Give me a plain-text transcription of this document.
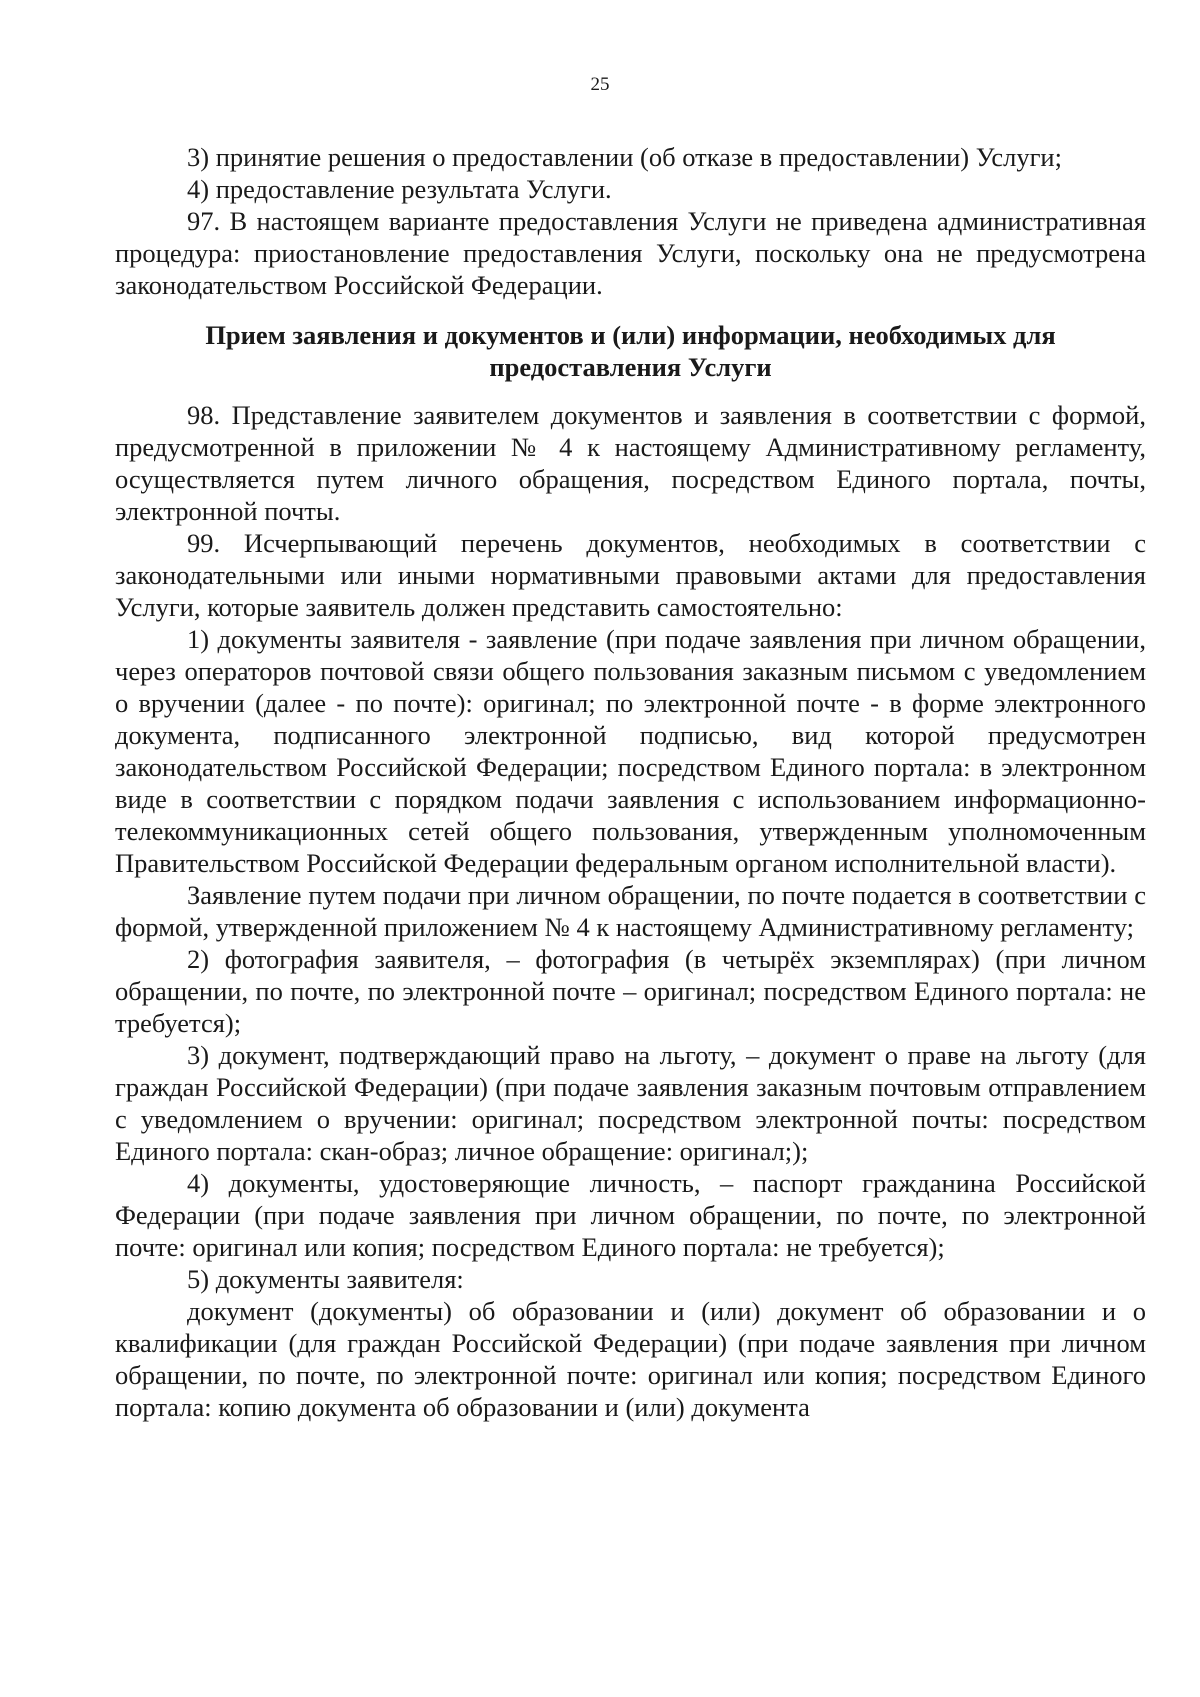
25

3) принятие решения о предоставлении (об отказе в предоставлении) Услуги;

4) предоставление результата Услуги.

97. В настоящем варианте предоставления Услуги не приведена административная процедура: приостановление предоставления Услуги, поскольку она не предусмотрена законодательством Российской Федерации.

Прием заявления и документов и (или) информации, необходимых для предоставления Услуги

98. Представление заявителем документов и заявления в соответствии с формой, предусмотренной в приложении № 4 к настоящему Административному регламенту, осуществляется путем личного обращения, посредством Единого портала, почты, электронной почты.

99. Исчерпывающий перечень документов, необходимых в соответствии с законодательными или иными нормативными правовыми актами для предоставления Услуги, которые заявитель должен представить самостоятельно:

1) документы заявителя - заявление (при подаче заявления при личном обращении, через операторов почтовой связи общего пользования заказным письмом с уведомлением о вручении (далее - по почте): оригинал; по электронной почте - в форме электронного документа, подписанного электронной подписью, вид которой предусмотрен законодательством Российской Федерации; посредством Единого портала: в электронном виде в соответствии с порядком подачи заявления с использованием информационно-телекоммуникационных сетей общего пользования, утвержденным уполномоченным Правительством Российской Федерации федеральным органом исполнительной власти).

Заявление путем подачи при личном обращении, по почте подается в соответствии с формой, утвержденной приложением № 4 к настоящему Административному регламенту;

2) фотография заявителя, – фотография (в четырёх экземплярах) (при личном обращении, по почте, по электронной почте – оригинал; посредством Единого портала: не требуется);

3) документ, подтверждающий право на льготу, – документ о праве на льготу (для граждан Российской Федерации) (при подаче заявления заказным почтовым отправлением с уведомлением о вручении: оригинал; посредством электронной почты: посредством Единого портала: скан-образ; личное обращение: оригинал;);

4) документы, удостоверяющие личность, – паспорт гражданина Российской Федерации (при подаче заявления при личном обращении, по почте, по электронной почте: оригинал или копия; посредством Единого портала: не требуется);

5) документы заявителя:

документ (документы) об образовании и (или) документ об образовании и о квалификации (для граждан Российской Федерации) (при подаче заявления при личном обращении, по почте, по электронной почте: оригинал или копия; посредством Единого портала: копию документа об образовании и (или) документа
